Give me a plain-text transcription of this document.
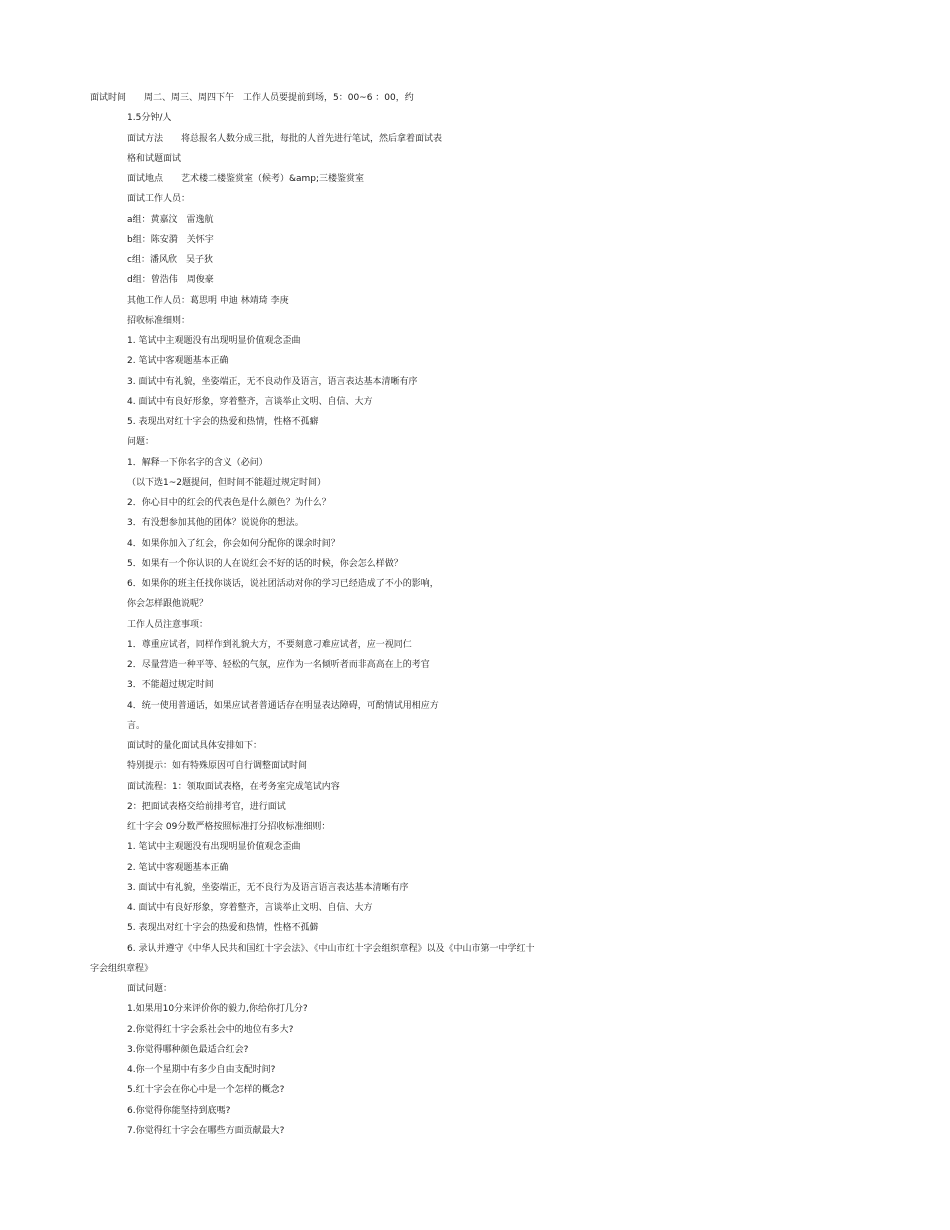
面试时间　　周二、周三、周四下午　工作人员要提前到场，5：00~6 ：00，约
1.5分钟/人
面试方法　　将总报名人数分成三批，每批的人首先进行笔试，然后拿着面试表
格和试题面试
面试地点　　艺术楼二楼鉴赏室（候考）&amp;三楼鉴赏室
面试工作人员：
a组：黄嘉汶　雷逸航
b组：陈安漪　关怀宇
c组：潘风欣　吴子狄
d组：曾浩伟　周俊豪
其他工作人员：葛思明 申迪 林靖琦 李庚
招收标准细则：
1. 笔试中主观题没有出现明显价值观念歪曲
2. 笔试中客观题基本正确
3. 面试中有礼貌，坐姿端正，无不良动作及语言，语言表达基本清晰有序
4. 面试中有良好形象，穿着整齐，言谈举止文明、自信、大方
5. 表现出对红十字会的热爱和热情，性格不孤癖
问题：
1．解释一下你名字的含义（必问）
（以下选1~2题提问，但时间不能超过规定时间）
2．你心目中的红会的代表色是什么颜色？为什么？
3．有没想参加其他的团体？说说你的想法。
4．如果你加入了红会，你会如何分配你的课余时间？
5．如果有一个你认识的人在说红会不好的话的时候，你会怎么样做？
6．如果你的班主任找你谈话，说社团活动对你的学习已经造成了不小的影响，
你会怎样跟他说呢？
工作人员注意事项：
1．尊重应试者，同样作到礼貌大方，不要刻意刁难应试者，应一视同仁
2．尽量营造一种平等、轻松的气氛，应作为一名倾听者而非高高在上的考官
3．不能超过规定时间
4．统一使用普通话，如果应试者普通话存在明显表达障碍，可酌情试用相应方
言。
面试时的量化面试具体安排如下：
特别提示：如有特殊原因可自行调整面试时间
面试流程：1：领取面试表格，在考务室完成笔试内容
2：把面试表格交给前排考官，进行面试
红十字会 09分数严格按照标准打分招收标准细则：
1. 笔试中主观题没有出现明显价值观念歪曲
2. 笔试中客观题基本正确
3. 面试中有礼貌，坐姿端正，无不良行为及语言语言表达基本清晰有序
4. 面试中有良好形象，穿着整齐，言谈举止文明、自信、大方
5. 表现出对红十字会的热爱和热情，性格不孤僻
6. 录认并遵守《中华人民共和国红十字会法》、《中山市红十字会组织章程》以及《中山市第一中学红十
字会组织章程》
面试问题：
1.如果用10分来评价你的毅力,你给你打几分?
2.你觉得红十字会系社会中的地位有多大?
3.你觉得哪种颜色最适合红会?
4.你一个星期中有多少自由支配时间?
5.红十字会在你心中是一个怎样的概念?
6.你觉得你能坚持到底嗎?
7.你觉得红十字会在哪些方面贡献最大?
